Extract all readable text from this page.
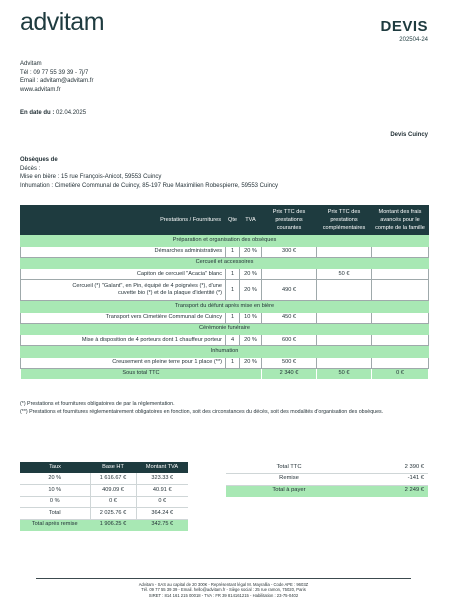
advitam	DEVIS
202504-24
Advitam
Tél : 09 77 55 39 39 - 7j/7
Email : advitam@advitam.fr
www.advitam.fr
En date du : 02.04.2025
Devis Cuincy
Obsèques de
Décès :
Mise en bière : 15 rue François-Anicot, 59553 Cuincy
Inhumation : Cimetière Communal de Cuincy, 85-197 Rue Maximilien Robespierre, 59553 Cuincy
Prestations / Fournitures	Qte	TVA	Prix TTC des prestations courantes	Prix TTC des prestations complémentaires	Montant des frais avancés pour le compte de la famille
Préparation et organisation des obsèques					
Démarches administratives	1	20 %	300 €		
Cercueil et accessoires					
Capiton de cercueil "Acacia" blanc	1	20 %		50 €	

Cercueil (*) "Galant", en Pin, équipé de 4 poignées (*), d'une
cuvette bio (*) et de la plaque d'identité (*)	1	20 %	490 €		
Transport du défunt après mise en bière					
Transport vers Cimetière Communal de Cuincy	1	10 %	450 €		
Cérémonie funéraire					
Mise à disposition de 4 porteurs dont 1 chauffeur porteur	4	20 %	600 €		
Inhumation					
Creusement en pleine terre pour 1 place (**)	1	20 %	500 €		
Sous total TTC			2 340 €	50 €	0 €
(*) Prestations et fournitures obligatoires de par la réglementation.
(**) Prestations et fournitures réglementairement obligatoires en fonction, soit des circonstances du décès, soit des modalités d'organisation des obsèques.
Taux	Base HT	Montant TVA
20 %	1 616.67 €	323.33 €
10 %	409.09 €	40.91 €
0 %	0 €	0 €
Total	2 025.76 €	364.24 €
Total après remise	1 906.25 €	342.75 €
Total TTC	2 390 €
Remise	-141 €
Total à payer	2 249 €
Advitam - SAS au capital de 20 300€ - Représentant légal M. Mayrallia - Code APE : 9603Z
Tél. 09 77 55 39 39 - Email. hello@advitam.fr - Siège social : 25 rue ramon, 75020, Paris
SIRET : 814 161 215 00018 - TVA : FR 39 814161215 - Habilitation : 23-75-0402
